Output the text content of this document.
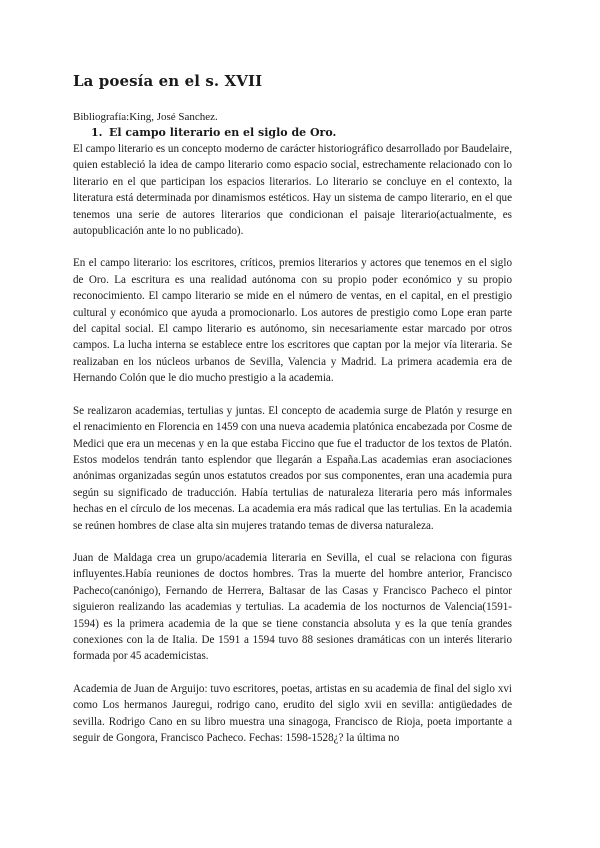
La poesía en el s. XVII

Bibliografía:King, José Sanchez.

1. El campo literario en el siglo de Oro.

El campo literario es un concepto moderno de carácter historiográfico desarrollado por Baudelaire, quien estableció la idea de campo literario como espacio social, estrechamente relacionado con lo literario en el que participan los espacios literarios. Lo literario se concluye en el contexto, la literatura está determinada por dinamismos estéticos. Hay un sistema de campo literario, en el que tenemos una serie de autores literarios que condicionan el paisaje literario(actualmente, es autopublicación ante lo no publicado).

En el campo literario: los escritores, críticos, premios literarios y actores que tenemos en el siglo de Oro. La escritura es una realidad autónoma con su propio poder económico y su propio reconocimiento. El campo literario se mide en el número de ventas, en el capital, en el prestigio cultural y económico que ayuda a promocionarlo. Los autores de prestigio como Lope eran parte del capital social. El campo literario es autónomo, sin necesariamente estar marcado por otros campos. La lucha interna se establece entre los escritores que captan por la mejor vía literaria. Se realizaban en los núcleos urbanos de Sevilla, Valencia y Madrid. La primera academia era de Hernando Colón que le dio mucho prestigio a la academia.

Se realizaron academias, tertulias y juntas. El concepto de academia surge de Platón y resurge en el renacimiento en Florencia en 1459 con una nueva academia platónica encabezada por Cosme de Medici que era un mecenas y en la que estaba Ficcino que fue el traductor de los textos de Platón. Estos modelos tendrán tanto esplendor que llegarán a España.Las academias eran asociaciones anónimas organizadas según unos estatutos creados por sus componentes, eran una academia pura según su significado de traducción. Había tertulias de naturaleza literaria pero más informales hechas en el círculo de los mecenas. La academia era más radical que las tertulias. En la academia se reúnen hombres de clase alta sin mujeres tratando temas de diversa naturaleza.

Juan de Maldaga crea un grupo/academia literaria en Sevilla, el cual se relaciona con figuras influyentes.Había reuniones de doctos hombres. Tras la muerte del hombre anterior, Francisco Pacheco(canónigo), Fernando de Herrera, Baltasar de las Casas y Francisco Pacheco el pintor siguieron realizando las academias y tertulias. La academia de los nocturnos de Valencia(1591-1594) es la primera academia de la que se tiene constancia absoluta y es la que tenía grandes conexiones con la de Italia. De 1591 a 1594 tuvo 88 sesiones dramáticas con un interés literario formada por 45 academicistas.

Academia de Juan de Arguijo: tuvo escritores, poetas, artistas en su academia de final del siglo xvi como Los hermanos Jauregui, rodrigo cano, erudito del siglo xvii en sevilla: antigüedades de sevilla. Rodrigo Cano en su libro muestra una sinagoga, Francisco de Rioja, poeta importante a seguir de Gongora, Francisco Pacheco. Fechas: 1598-1528¿? la última no
